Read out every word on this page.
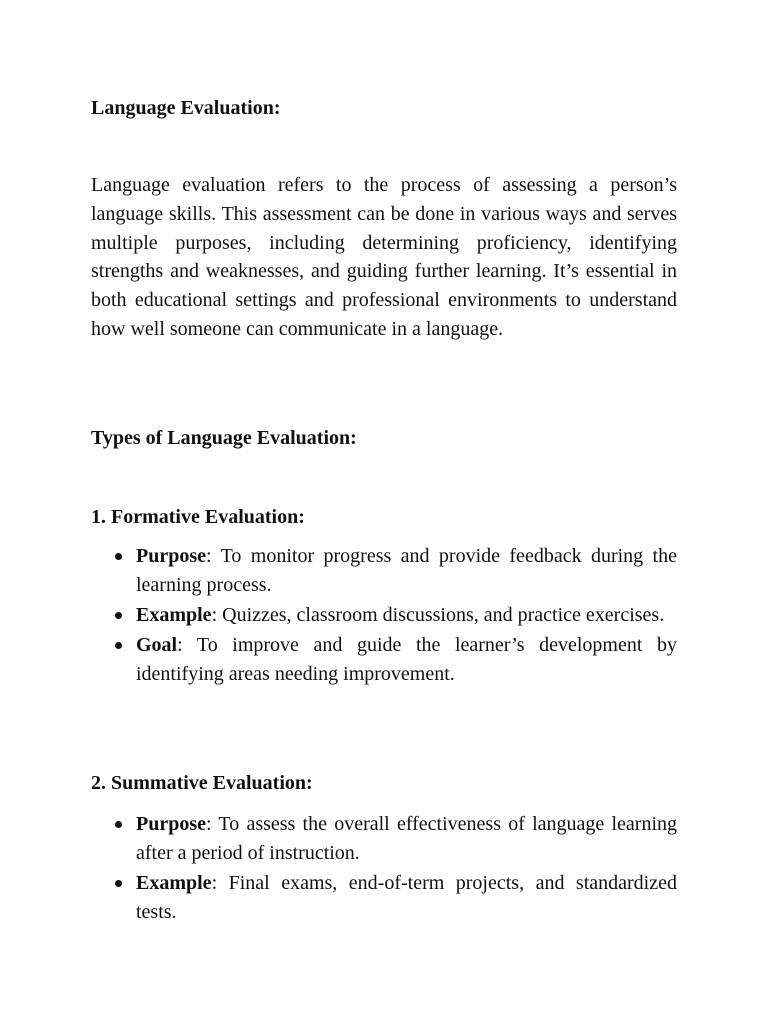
Language Evaluation:

Language evaluation refers to the process of assessing a person’s language skills. This assessment can be done in various ways and serves multiple purposes, including determining proficiency, identifying strengths and weaknesses, and guiding further learning. It’s essential in both educational settings and professional environments to understand how well someone can communicate in a language.

Types of Language Evaluation:
1. Formative Evaluation:
Purpose: To monitor progress and provide feedback during the learning process.
Example: Quizzes, classroom discussions, and practice exercises.
Goal: To improve and guide the learner’s development by identifying areas needing improvement.
2. Summative Evaluation:
Purpose: To assess the overall effectiveness of language learning after a period of instruction.
Example: Final exams, end-of-term projects, and standardized tests.
